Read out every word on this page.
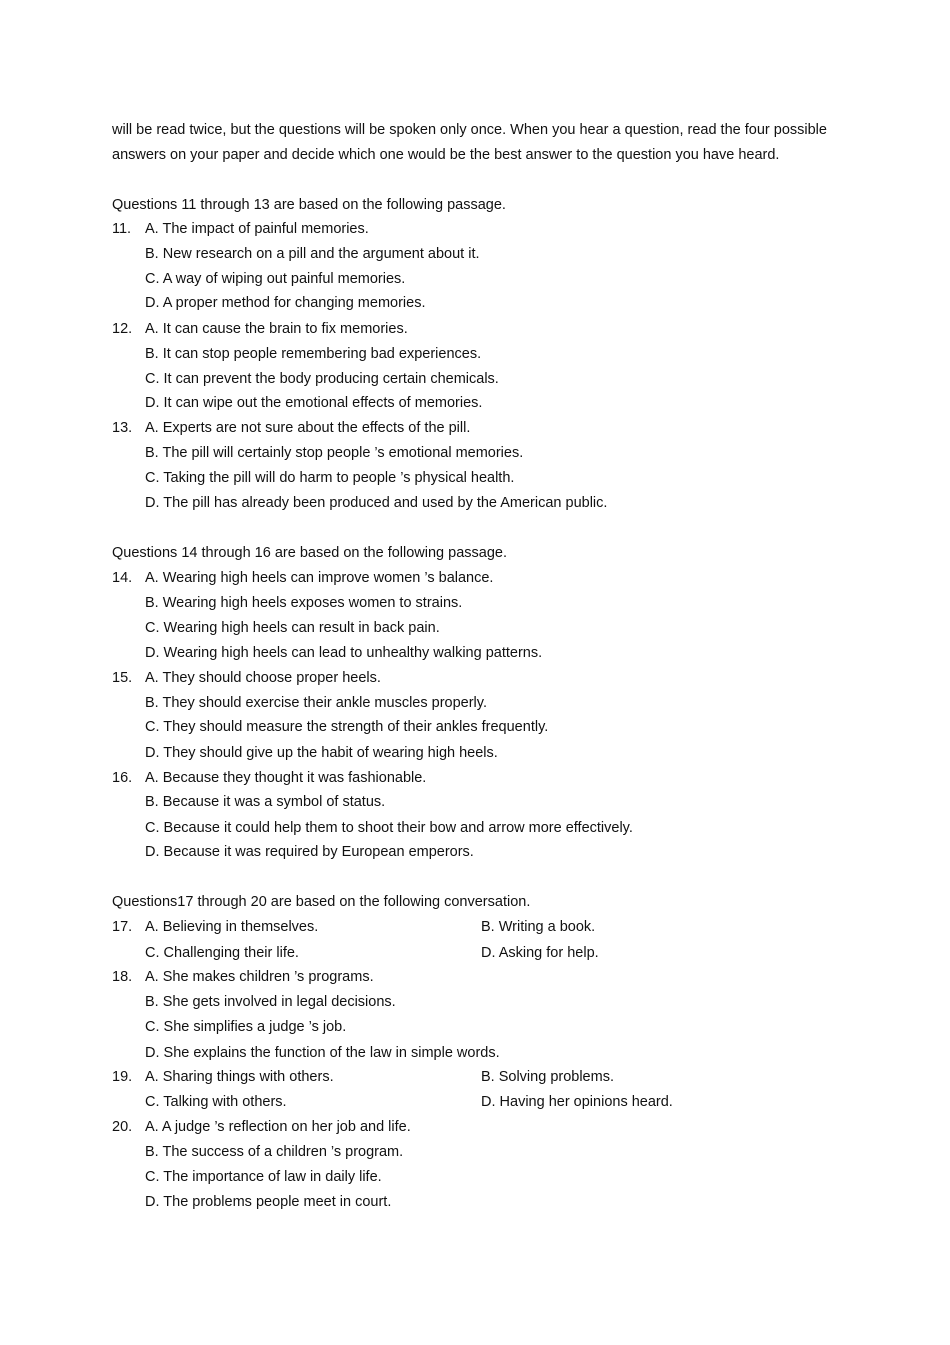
will be read twice, but the questions will be spoken only once. When you hear a question, read the four possible answers on your paper and decide which one would be the best answer to the question you have heard.
Questions 11 through 13 are based on the following passage.
11. A. The impact of painful memories.
B. New research on a pill and the argument about it.
C. A way of wiping out painful memories.
D. A proper method for changing memories.
12. A. It can cause the brain to fix memories.
B. It can stop people remembering bad experiences.
C. It can prevent the body producing certain chemicals.
D. It can wipe out the emotional effects of memories.
13. A. Experts are not sure about the effects of the pill.
B. The pill will certainly stop people ’s emotional memories.
C. Taking the pill will do harm to people ’s physical health.
D. The pill has already been produced and used by the American public.
Questions 14 through 16 are based on the following passage.
14. A. Wearing high heels can improve women ’s balance.
B. Wearing high heels exposes women to strains.
C. Wearing high heels can result in back pain.
D. Wearing high heels can lead to unhealthy walking patterns.
15. A. They should choose proper heels.
B. They should exercise their ankle muscles properly.
C. They should measure the strength of their ankles frequently.
D. They should give up the habit of wearing high heels.
16. A. Because they thought it was fashionable.
B. Because it was a symbol of status.
C. Because it could help them to shoot their bow and arrow more effectively.
D. Because it was required by European emperors.
Questions17 through 20 are based on the following conversation.
17. A. Believing in themselves.	B. Writing a book.
C. Challenging their life.	D. Asking for help.
18. A. She makes children ’s programs.
B. She gets involved in legal decisions.
C. She simplifies a judge ’s job.
D. She explains the function of the law in simple words.
19. A. Sharing things with others.	B. Solving problems.
C. Talking with others.	D. Having her opinions heard.
20. A. A judge ’s reflection on her job and life.
B. The success of a children ’s program.
C. The importance of law in daily life.
D. The problems people meet in court.
